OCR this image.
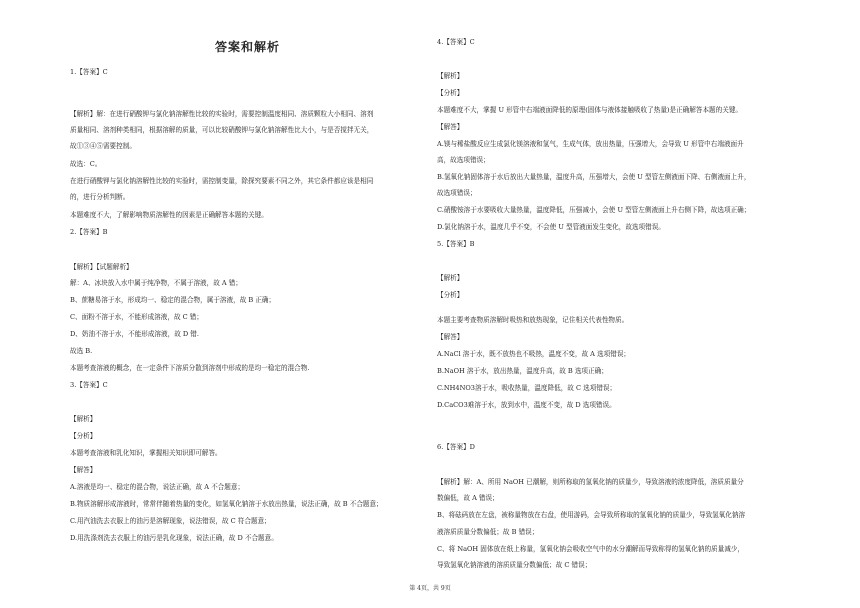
答案和解析
1.【答案】C
【解析】解：在进行硝酸钾与氯化钠溶解性比较的实验时，需要控制温度相同、溶质颗粒大小相同、溶剂
质量相同、溶剂种类相同，根据溶解的质量，可以比较硝酸钾与氯化钠溶解性比大小，与是否搅拌无关，
故①③④⑤需要控制。
故选：C。
在进行硝酸钾与氯化钠溶解性比较的实验时，需控制变量，除探究要素不同之外，其它条件都应该是相同
的，进行分析判断。
本题难度不大，了解影响物质溶解性的因素是正确解答本题的关键。
2.【答案】B
【解析】【试题解析】
解：A、冰块放入水中属于纯净物，不属于溶液，故 A 错；
B、蔗糖易溶于水，形成均一、稳定的混合物，属于溶液，故 B 正确；
C、面粉不溶于水，不能形成溶液，故 C 错；
D、奶油不溶于水，不能形成溶液，故 D 错.
故选 B.
本题考查溶液的概念，在一定条件下溶质分散到溶剂中形成的是均一稳定的混合物.
3.【答案】C
【解析】
【分析】
本题考查溶液和乳化知识，掌握相关知识即可解答。
【解答】
A.溶液是均一、稳定的混合物，说法正确，故 A 不合题意；
B.物质溶解形成溶液时，常常伴随着热量的变化，如氢氧化钠溶于水放出热量，说法正确，故 B 不合题意；
C.用汽油洗去衣服上的油污是溶解现象，说法错误，故 C 符合题意；
D.用洗涤剂洗去衣服上的油污是乳化现象，说法正确，故 D 不合题意。
4.【答案】C
【解析】
【分析】
本题难度不大，掌握 U 形管中右端液面降低的原理(固体与液体接触吸收了热量)是正确解答本题的关键。
【解答】
A.镁与稀盐酸反应生成氯化镁溶液和氢气，生成气体，放出热量，压强增大，会导致 U 形管中右端液面升
高，故选项错误；
B.氢氧化钠固体溶于水后放出大量热量，温度升高，压强增大，会使 U 型管左侧液面下降、右侧液面上升，
故选项错误；
C.硝酸铵溶于水要吸收大量热量，温度降低，压强减小，会使 U 型管左侧液面上升右侧下降，故选项正确；
D.氯化钠溶于水，温度几乎不变，不会使 U 型管液面发生变化，故选项错误。
5.【答案】B
【解析】
【分析】
本题主要考查物质溶解时吸热和放热现象，记住相关代表性物质。
【解答】
A.NaCl 溶于水，既不放热也不吸热，温度不变，故 A 选项错误；
B.NaOH 溶于水，放出热量，温度升高，故 B 选项正确；
C.NH4NO3溶于水，吸收热量，温度降低，故 C 选项错误；
D.CaCO3难溶于水，放到水中，温度不变，故 D 选项错误。
6.【答案】D
【解析】解：A、所用 NaOH 已潮解，则所称取的氢氧化钠的质量少，导致溶液的浓度降低，溶质质量分
数偏低，故 A 错误；
B、将砝码放在左盘，被称量物放在右盘，使用游码，会导致所称取的氢氧化钠的质量少，导致氢氧化钠溶
液溶质质量分数偏低；故 B 错误；
C、将 NaOH 固体放在纸上称量，氢氧化钠会吸收空气中的水分潮解而导致称得的氢氧化钠的质量减少，
导致氢氧化钠溶液的溶质质量分数偏低；故 C 错误；
第 4页，共 9页
